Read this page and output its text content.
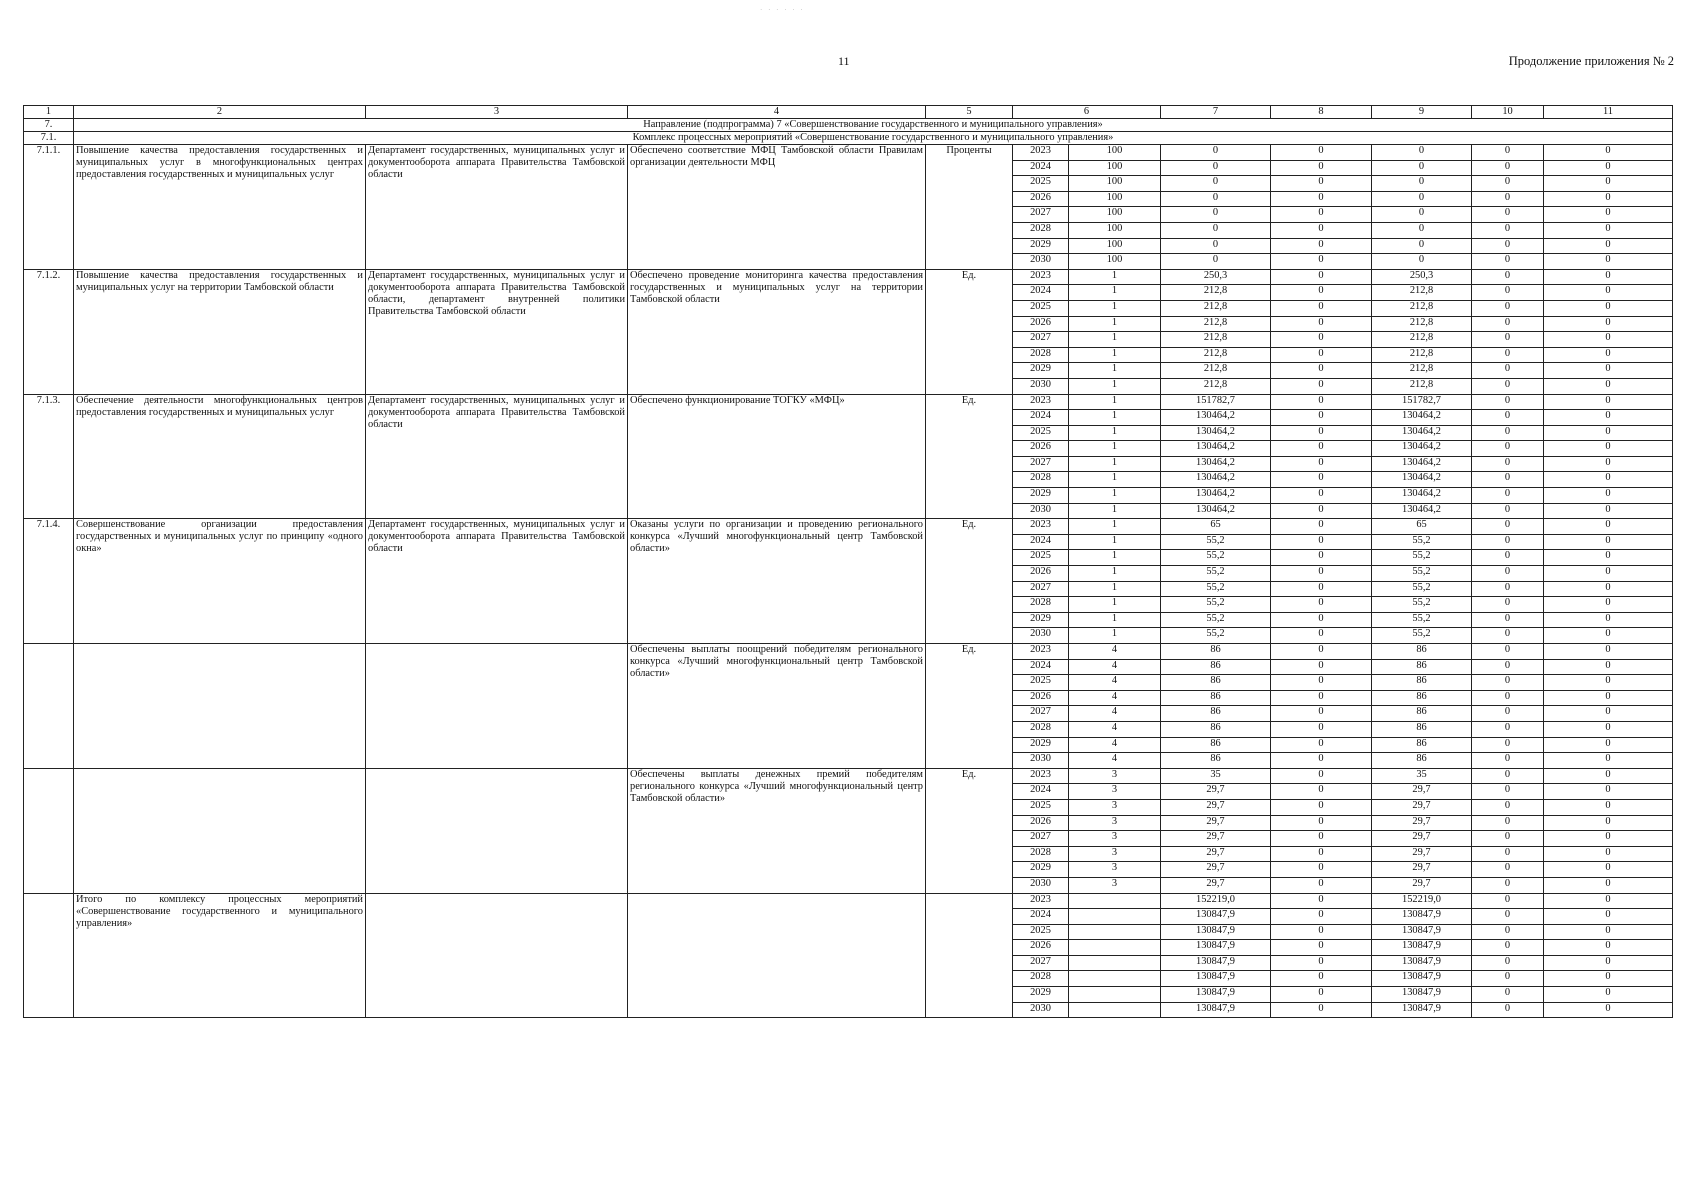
· · · · · ·
11	Продолжение приложения № 2
1	2	3	4	5	6		7	8	9	10	11
7.	Направление (подпрограмма) 7 «Совершенствование государственного и муниципального управления»										
7.1.	Комплекс процессных мероприятий «Совершенствование государственного и муниципального управления»										
7.1.1.	Повышение качества предоставления государственных и муниципальных услуг в многофункциональных центрах предоставления государственных и муниципальных услуг	Департамент государственных, муниципальных услуг и документооборота аппарата Правительства Тамбовской области	Обеспечено соответствие МФЦ Тамбовской области Правилам организации деятельности МФЦ	Проценты	2023	100	0	0	0	0	0
					2024	100	0	0	0	0	0
					2025	100	0	0	0	0	0
					2026	100	0	0	0	0	0
					2027	100	0	0	0	0	0
					2028	100	0	0	0	0	0
					2029	100	0	0	0	0	0
					2030	100	0	0	0	0	0
7.1.2.	Повышение качества предоставления государственных и муниципальных услуг на территории Тамбовской области	Департамент государственных, муниципальных услуг и документооборота аппарата Правительства Тамбовской области, департамент внутренней политики Правительства Тамбовской области	Обеспечено проведение мониторинга качества предоставления государственных и муниципальных услуг на территории Тамбовской области	Ед.	2023	1	250,3	0	250,3	0	0
					2024	1	212,8	0	212,8	0	0
					2025	1	212,8	0	212,8	0	0
					2026	1	212,8	0	212,8	0	0
					2027	1	212,8	0	212,8	0	0
					2028	1	212,8	0	212,8	0	0
					2029	1	212,8	0	212,8	0	0
					2030	1	212,8	0	212,8	0	0
7.1.3.	Обеспечение деятельности многофункциональных центров предоставления государственных и муниципальных услуг	Департамент государственных, муниципальных услуг и документооборота аппарата Правительства Тамбовской области	Обеспечено функционирование ТОГКУ «МФЦ»	Ед.	2023	1	151782,7	0	151782,7	0	0
					2024	1	130464,2	0	130464,2	0	0
					2025	1	130464,2	0	130464,2	0	0
					2026	1	130464,2	0	130464,2	0	0
					2027	1	130464,2	0	130464,2	0	0
					2028	1	130464,2	0	130464,2	0	0
					2029	1	130464,2	0	130464,2	0	0
					2030	1	130464,2	0	130464,2	0	0
7.1.4.	Совершенствование организации предоставления государственных и муниципальных услуг по принципу «одного окна»	Департамент государственных, муниципальных услуг и документооборота аппарата Правительства Тамбовской области	Оказаны услуги по организации и проведению регионального конкурса «Лучший многофункциональный центр Тамбовской области»	Ед.	2023	1	65	0	65	0	0
					2024	1	55,2	0	55,2	0	0
					2025	1	55,2	0	55,2	0	0
					2026	1	55,2	0	55,2	0	0
					2027	1	55,2	0	55,2	0	0
					2028	1	55,2	0	55,2	0	0
					2029	1	55,2	0	55,2	0	0
					2030	1	55,2	0	55,2	0	0
			Обеспечены выплаты поощрений победителям регионального конкурса «Лучший многофункциональный центр Тамбовской области»	Ед.	2023	4	86	0	86	0	0
					2024	4	86	0	86	0	0
					2025	4	86	0	86	0	0
					2026	4	86	0	86	0	0
					2027	4	86	0	86	0	0
					2028	4	86	0	86	0	0
					2029	4	86	0	86	0	0
					2030	4	86	0	86	0	0
			Обеспечены выплаты денежных премий победителям регионального конкурса «Лучший многофункциональный центр Тамбовской области»	Ед.	2023	3	35	0	35	0	0
					2024	3	29,7	0	29,7	0	0
					2025	3	29,7	0	29,7	0	0
					2026	3	29,7	0	29,7	0	0
					2027	3	29,7	0	29,7	0	0
					2028	3	29,7	0	29,7	0	0
					2029	3	29,7	0	29,7	0	0
					2030	3	29,7	0	29,7	0	0
	Итого по комплексу процессных мероприятий «Совершенствование государственного и муниципального управления»				2023		152219,0	0	152219,0	0	0
					2024		130847,9	0	130847,9	0	0
					2025		130847,9	0	130847,9	0	0
					2026		130847,9	0	130847,9	0	0
					2027		130847,9	0	130847,9	0	0
					2028		130847,9	0	130847,9	0	0
					2029		130847,9	0	130847,9	0	0
					2030		130847,9	0	130847,9	0	0
